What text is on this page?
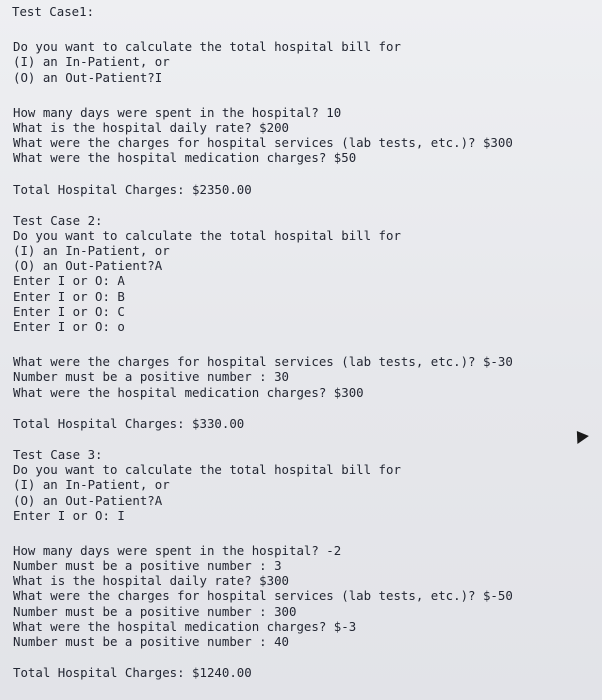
Test Case1:
Do you want to calculate the total hospital bill for
(I) an In-Patient, or
(O) an Out-Patient?I
How many days were spent in the hospital? 10
What is the hospital daily rate? $200
What were the charges for hospital services (lab tests, etc.)? $300
What were the hospital medication charges? $50
Total Hospital Charges: $2350.00
Test Case 2:
Do you want to calculate the total hospital bill for
(I) an In-Patient, or
(O) an Out-Patient?A
Enter I or O: A
Enter I or O: B
Enter I or O: C
Enter I or O: o
What were the charges for hospital services (lab tests, etc.)? $-30
Number must be a positive number : 30
What were the hospital medication charges? $300
Total Hospital Charges: $330.00
Test Case 3:
Do you want to calculate the total hospital bill for
(I) an In-Patient, or
(O) an Out-Patient?A
Enter I or O: I
How many days were spent in the hospital? -2
Number must be a positive number : 3
What is the hospital daily rate? $300
What were the charges for hospital services (lab tests, etc.)? $-50
Number must be a positive number : 300
What were the hospital medication charges? $-3
Number must be a positive number : 40
Total Hospital Charges: $1240.00
